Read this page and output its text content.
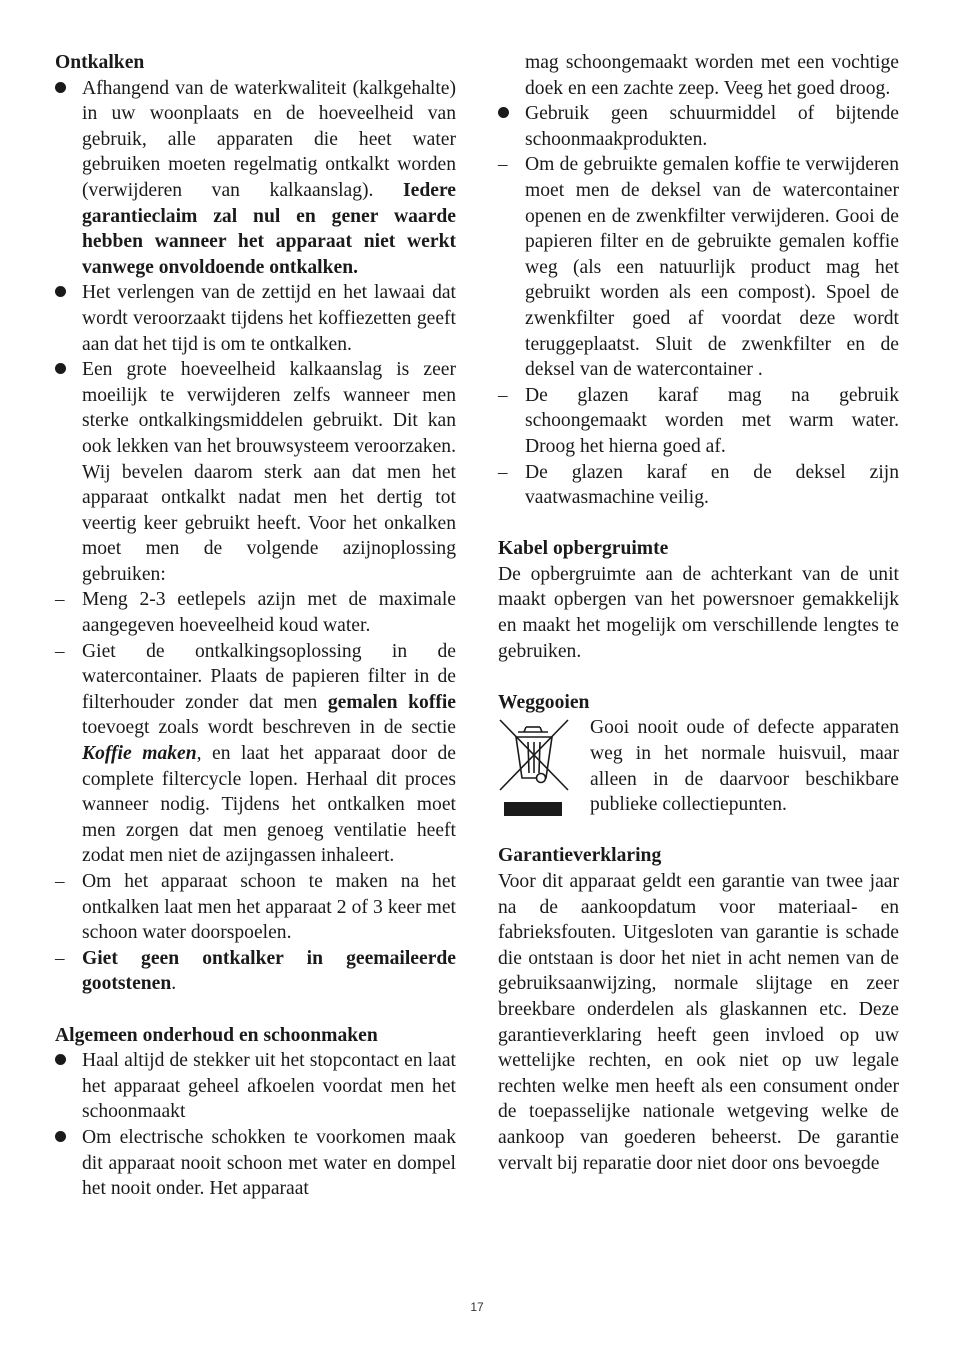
Ontkalken
Afhangend van de waterkwaliteit (kalkgehalte) in uw woonplaats en de hoeveelheid van gebruik, alle apparaten die heet water gebruiken moeten regelmatig ontkalkt worden (verwijderen van kalkaanslag). Iedere garantieclaim zal nul en gener waarde hebben wanneer het apparaat niet werkt vanwege onvoldoende ontkalken.
Het verlengen van de zettijd en het lawaai dat wordt veroorzaakt tijdens het koffiezetten geeft aan dat het tijd is om te ontkalken.
Een grote hoeveelheid kalkaanslag is zeer moeilijk te verwijderen zelfs wanneer men sterke ontkalkingsmiddelen gebruikt. Dit kan ook lekken van het brouwsysteem veroorzaken. Wij bevelen daarom sterk aan dat men het apparaat ontkalkt nadat men het dertig tot veertig keer gebruikt heeft. Voor het onkalken moet men de volgende azijnoplossing gebruiken:
– Meng 2-3 eetlepels azijn met de maximale aangegeven hoeveelheid koud water.
– Giet de ontkalkingsoplossing in de watercontainer. Plaats de papieren filter in de filterhouder zonder dat men gemalen koffie toevoegt zoals wordt beschreven in de sectie Koffie maken, en laat het apparaat door de complete filtercycle lopen. Herhaal dit proces wanneer nodig. Tijdens het ontkalken moet men zorgen dat men genoeg ventilatie heeft zodat men niet de azijngassen inhaleert.
– Om het apparaat schoon te maken na het ontkalken laat men het apparaat 2 of 3 keer met schoon water doorspoelen.
– Giet geen ontkalker in geemaileerde gootstenen.
Algemeen onderhoud en schoonmaken
Haal altijd de stekker uit het stopcontact en laat het apparaat geheel afkoelen voordat men het schoonmaakt
Om electrische schokken te voorkomen maak dit apparaat nooit schoon met water en dompel het nooit onder. Het apparaat
mag schoongemaakt worden met een vochtige doek en een zachte zeep. Veeg het goed droog.
Gebruik geen schuurmiddel of bijtende schoonmaakprodukten.
– Om de gebruikte gemalen koffie te verwijderen moet men de deksel van de watercontainer openen en de zwenkfilter verwijderen. Gooi de papieren filter en de gebruikte gemalen koffie weg (als een natuurlijk product mag het gebruikt worden als een compost). Spoel de zwenkfilter goed af voordat deze wordt teruggeplaatst. Sluit de zwenkfilter en de deksel van de watercontainer .
– De glazen karaf mag na gebruik schoongemaakt worden met warm water. Droog het hierna goed af.
– De glazen karaf en de deksel zijn vaatwasmachine veilig.
Kabel opbergruimte
De opbergruimte aan de achterkant van de unit maakt opbergen van het powersnoer gemakkelijk en maakt het mogelijk om verschillende lengtes te gebruiken.
Weggooien
Gooi nooit oude of defecte apparaten weg in het normale huisvuil, maar alleen in de daarvoor beschikbare publieke collectiepunten.
Garantieverklaring
Voor dit apparaat geldt een garantie van twee jaar na de aankoopdatum voor materiaal- en fabrieksfouten. Uitgesloten van garantie is schade die ontstaan is door het niet in acht nemen van de gebruiksaanwijzing, normale slijtage en zeer breekbare onderdelen als glaskannen etc. Deze garantieverklaring heeft geen invloed op uw wettelijke rechten, en ook niet op uw legale rechten welke men heeft als een consument onder de toepasselijke nationale wetgeving welke de aankoop van goederen beheerst. De garantie vervalt bij reparatie door niet door ons bevoegde
17
